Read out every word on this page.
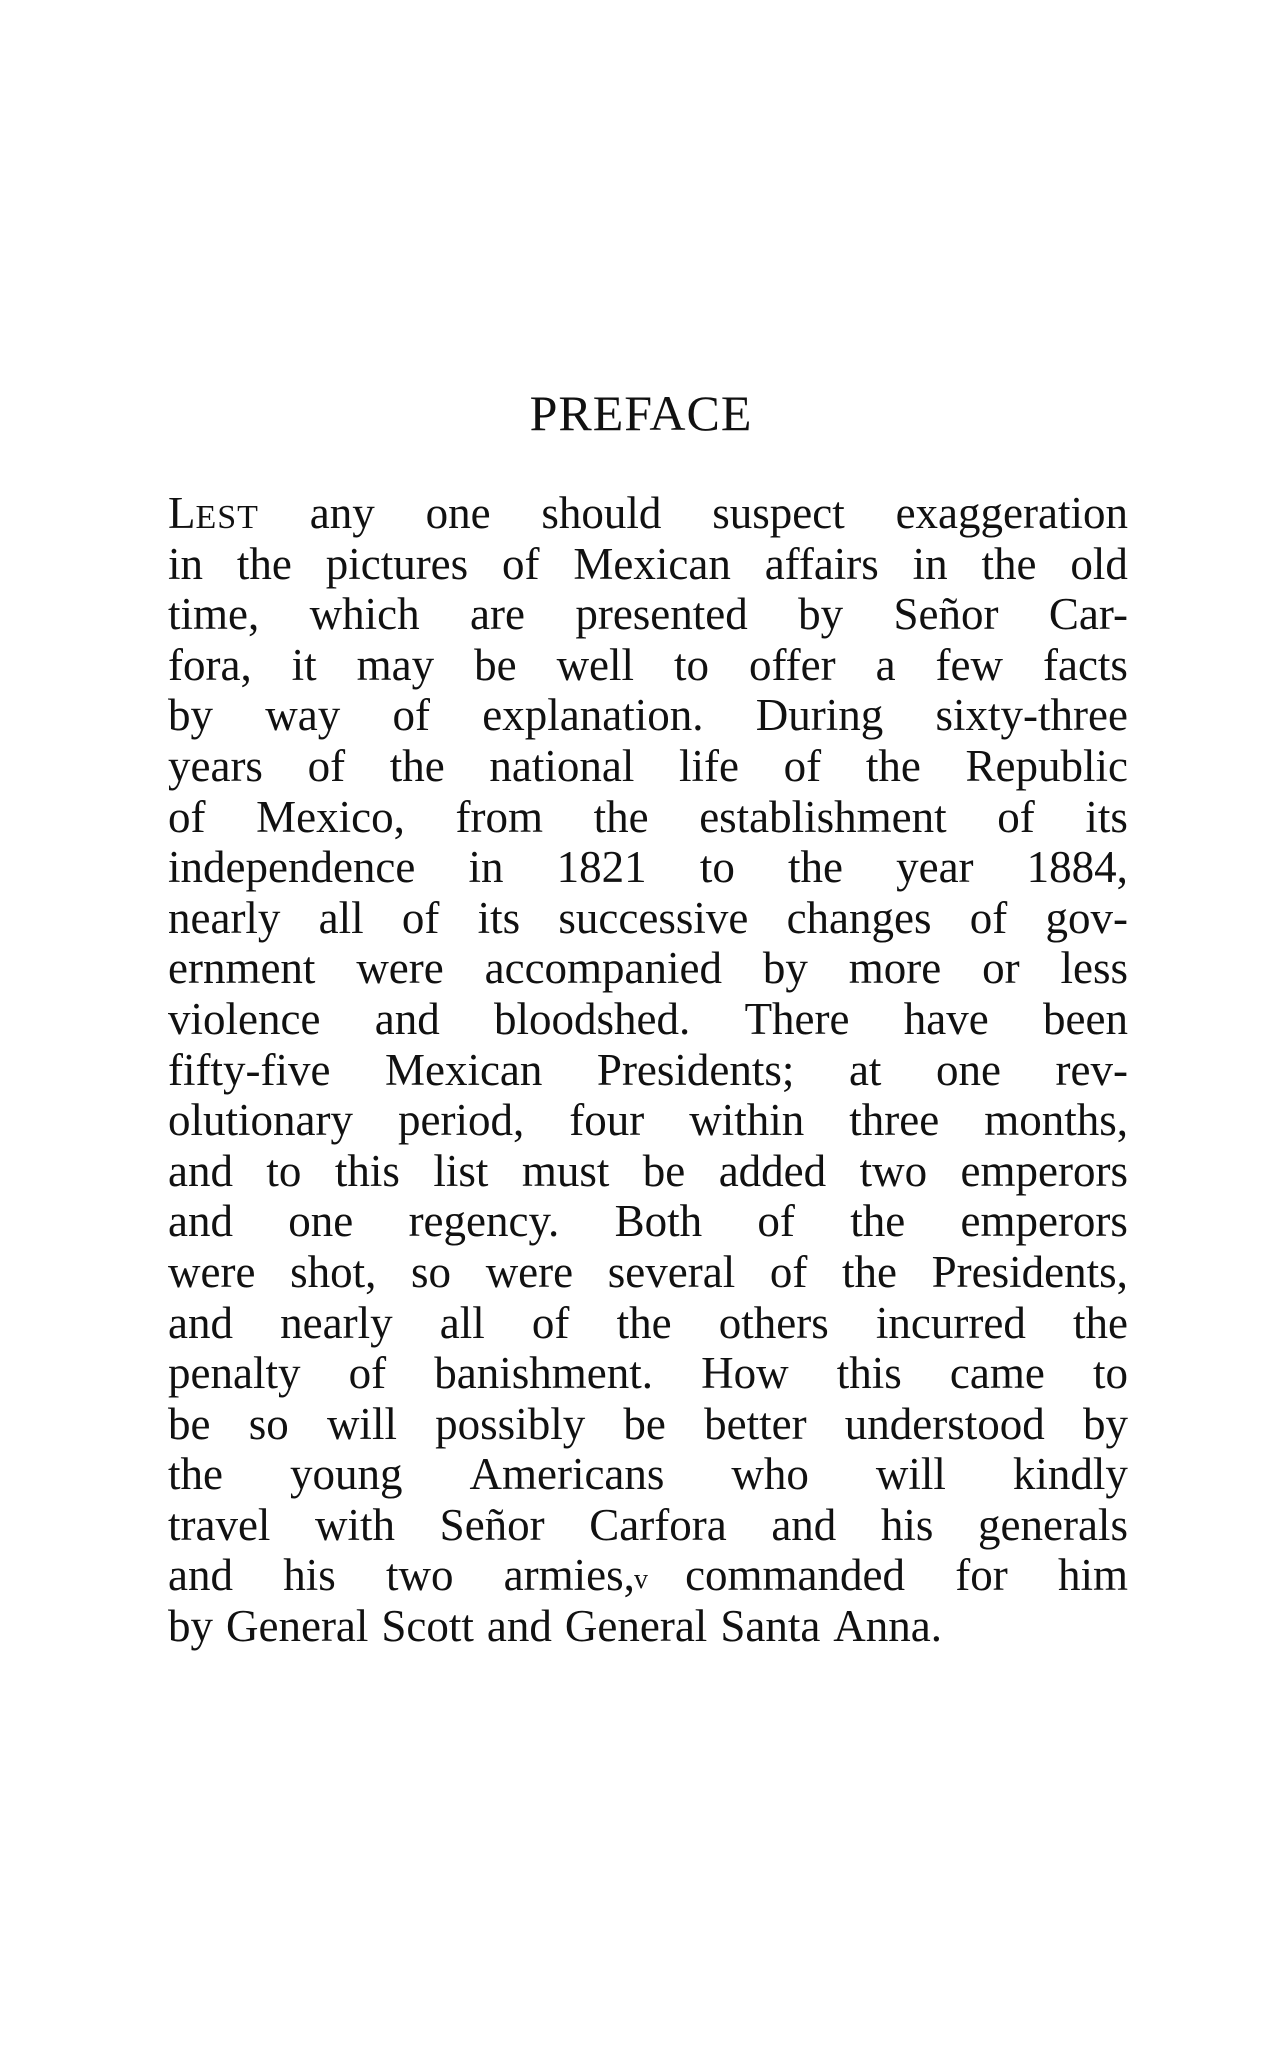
PREFACE
LEST any one should suspect exaggeration
in the pictures of Mexican affairs in the old
time, which are presented by Señor Car-
fora, it may be well to offer a few facts
by way of explanation. During sixty-three
years of the national life of the Republic
of Mexico, from the establishment of its
independence in 1821 to the year 1884,
nearly all of its successive changes of gov-
ernment were accompanied by more or less
violence and bloodshed. There have been
fifty-five Mexican Presidents; at one rev-
olutionary period, four within three months,
and to this list must be added two emperors
and one regency. Both of the emperors
were shot, so were several of the Presidents,
and nearly all of the others incurred the
penalty of banishment. How this came to
be so will possibly be better understood by
the young Americans who will kindly
travel with Señor Carfora and his generals
and his two armies, commanded for him
by General Scott and General Santa Anna.
v
